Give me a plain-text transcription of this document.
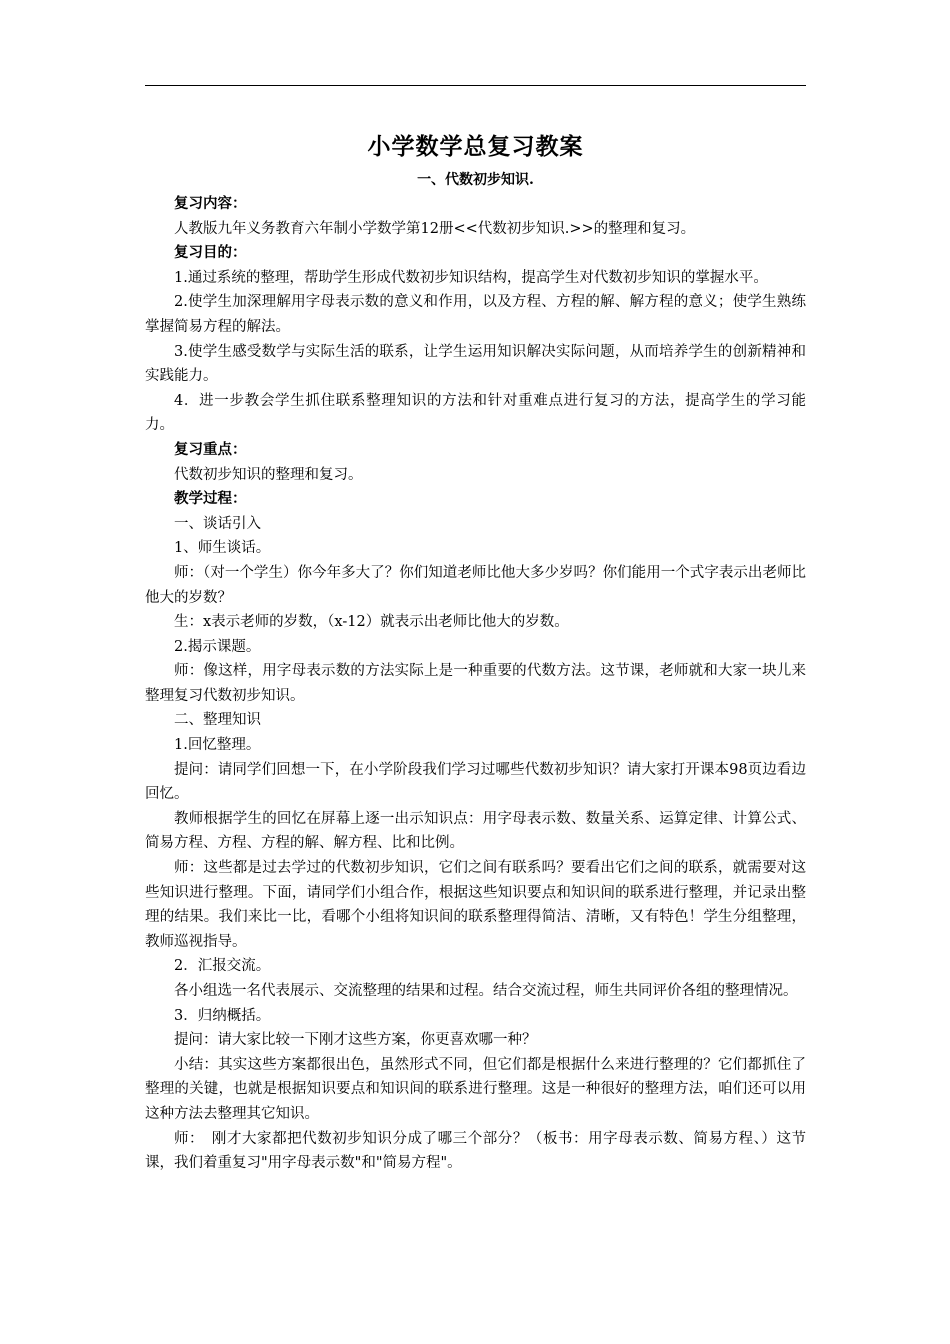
小学数学总复习教案
一、代数初步知识.

复习内容：

人教版九年义务教育六年制小学数学第12册<<代数初步知识.>>的整理和复习。

复习目的：

1.通过系统的整理，帮助学生形成代数初步知识结构，提高学生对代数初步知识的掌握水平。

2.使学生加深理解用字母表示数的意义和作用，以及方程、方程的解、解方程的意义；使学生熟练掌握简易方程的解法。

3.使学生感受数学与实际生活的联系，让学生运用知识解决实际问题，从而培养学生的创新精神和实践能力。

4．进一步教会学生抓住联系整理知识的方法和针对重难点进行复习的方法，提高学生的学习能力。

复习重点：

代数初步知识的整理和复习。

教学过程：

一、谈话引入

1、师生谈话。

师：（对一个学生）你今年多大了？你们知道老师比他大多少岁吗？你们能用一个式字表示出老师比他大的岁数？

生：x表示老师的岁数，（x-12）就表示出老师比他大的岁数。

2.揭示课题。

师：像这样，用字母表示数的方法实际上是一种重要的代数方法。这节课，老师就和大家一块儿来整理复习代数初步知识。

二、整理知识

1.回忆整理。

提问：请同学们回想一下，在小学阶段我们学习过哪些代数初步知识？请大家打开课本98页边看边回忆。

教师根据学生的回忆在屏幕上逐一出示知识点：用字母表示数、数量关系、运算定律、计算公式、简易方程、方程、方程的解、解方程、比和比例。

师：这些都是过去学过的代数初步知识，它们之间有联系吗？要看出它们之间的联系，就需要对这些知识进行整理。下面，请同学们小组合作，根据这些知识要点和知识间的联系进行整理，并记录出整理的结果。我们来比一比，看哪个小组将知识间的联系整理得简洁、清晰，又有特色！学生分组整理，教师巡视指导。

2．汇报交流。

各小组选一名代表展示、交流整理的结果和过程。结合交流过程，师生共同评价各组的整理情况。

3．归纳概括。

提问：请大家比较一下刚才这些方案，你更喜欢哪一种？

小结：其实这些方案都很出色，虽然形式不同，但它们都是根据什么来进行整理的？它们都抓住了整理的关键，也就是根据知识要点和知识间的联系进行整理。这是一种很好的整理方法，咱们还可以用这种方法去整理其它知识。

师：　刚才大家都把代数初步知识分成了哪三个部分？（板书：用字母表示数、简易方程、）这节课，我们着重复习"用字母表示数"和"简易方程"。
